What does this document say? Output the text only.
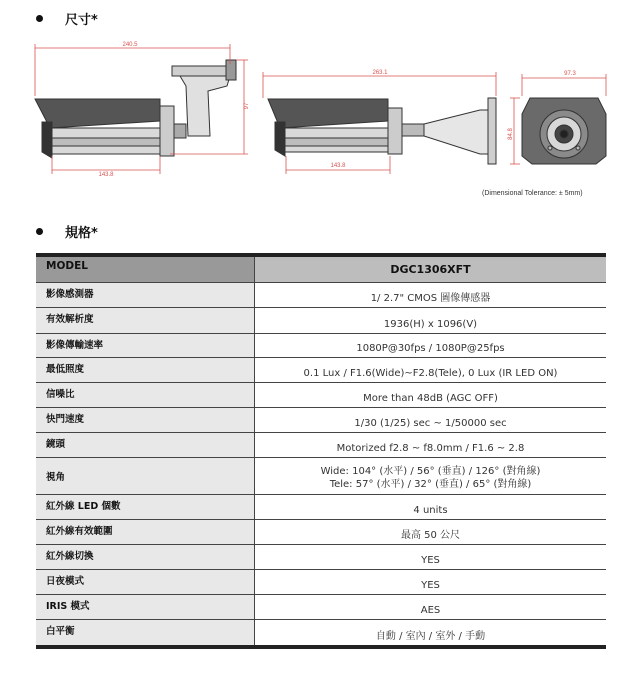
尺寸*
240.5
97
143.8
263.1
143.8
97.3
84.8
(Dimensional Tolerance: ± 5mm)
規格*
MODEL	DGC1306XFT
影像感測器	1/ 2.7" CMOS 圖像傳感器
有效解析度	1936(H) x 1096(V)
影像傳輸速率	1080P@30fps / 1080P@25fps
最低照度	0.1 Lux / F1.6(Wide)~F2.8(Tele), 0 Lux (IR LED ON)
信噪比	More than 48dB (AGC OFF)
快門速度	1/30 (1/25) sec ~ 1/50000 sec
鏡頭	Motorized f2.8 ~ f8.0mm / F1.6 ~ 2.8
視角	Wide: 104° (水平) / 56° (垂直) / 126° (對角線)
Tele: 57° (水平) / 32° (垂直) / 65° (對角線)

紅外線 LED 個數	4 units
紅外線有效範圍	最高 50 公尺
紅外線切換	YES
日夜模式	YES
IRIS 模式	AES
白平衡	自動 / 室內 / 室外 / 手動
